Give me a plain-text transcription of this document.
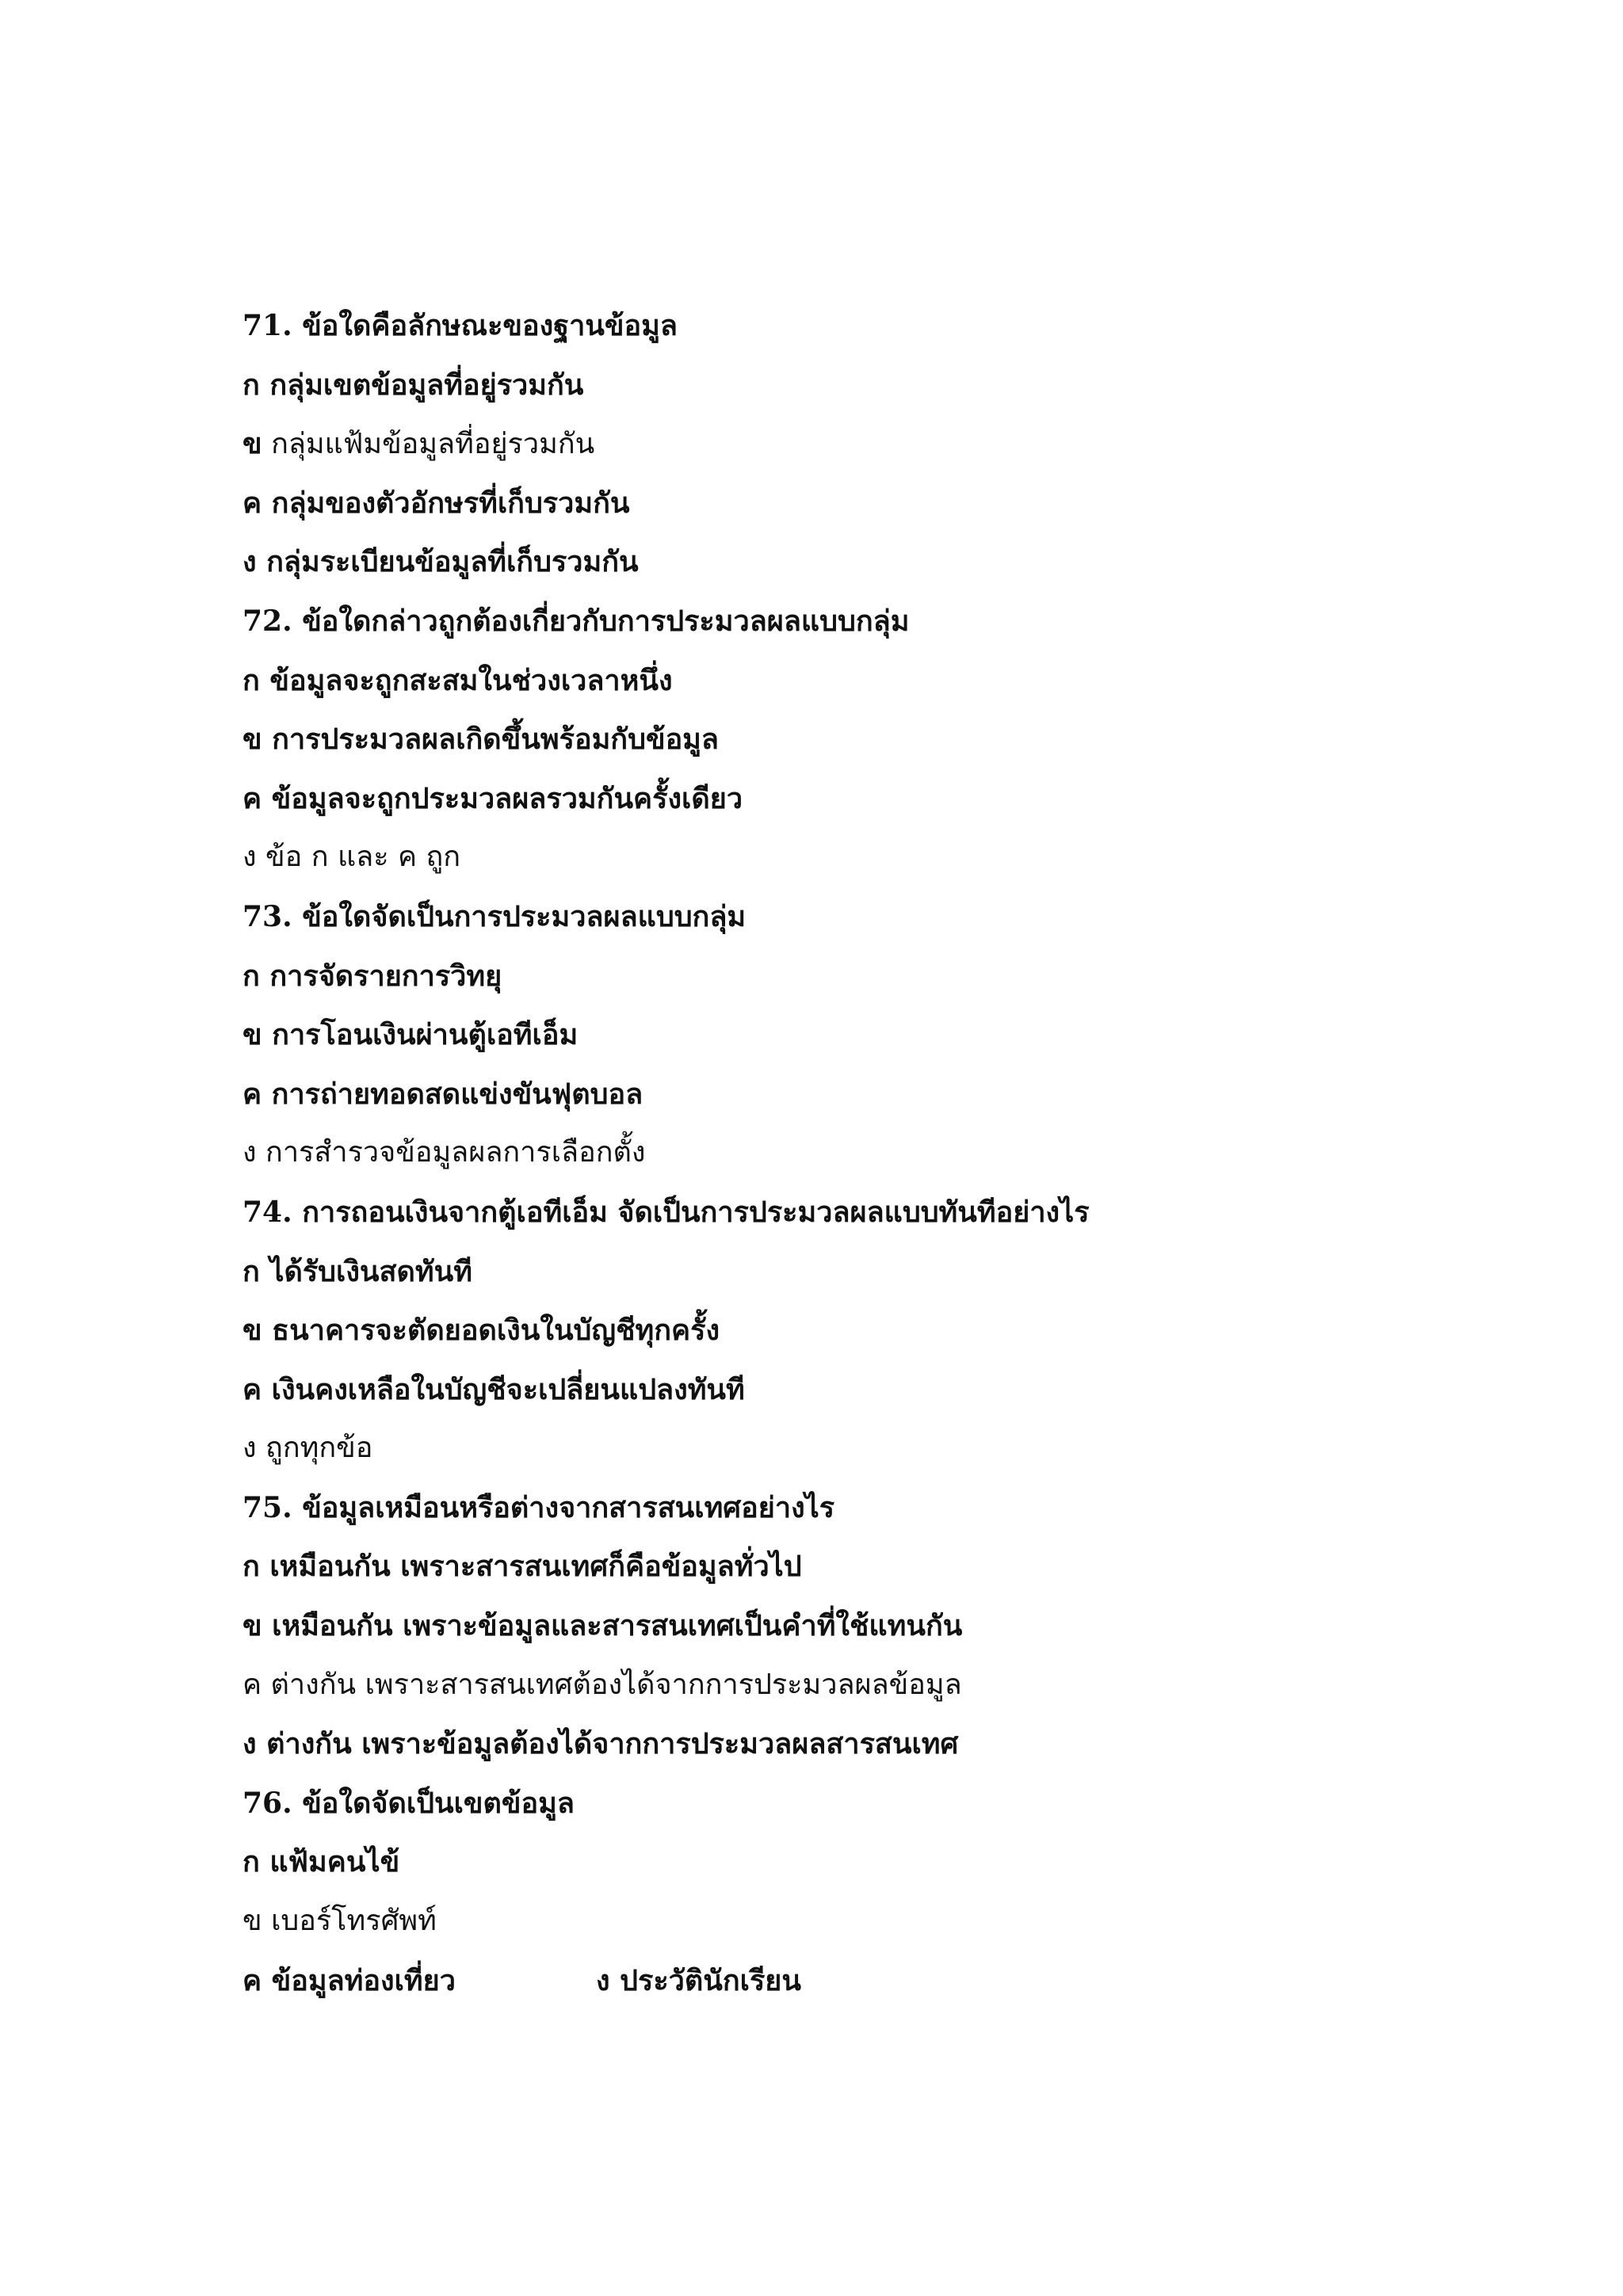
71. ข้อใดคือลักษณะของฐานข้อมูล
ก กลุ่มเขตข้อมูลที่อยู่รวมกัน
ข กลุ่มแฟ้มข้อมูลที่อยู่รวมกัน
ค กลุ่มของตัวอักษรที่เก็บรวมกัน
ง กลุ่มระเบียนข้อมูลที่เก็บรวมกัน
72. ข้อใดกล่าวถูกต้องเกี่ยวกับการประมวลผลแบบกลุ่ม
ก ข้อมูลจะถูกสะสมในช่วงเวลาหนึ่ง
ข การประมวลผลเกิดขึ้นพร้อมกับข้อมูล
ค ข้อมูลจะถูกประมวลผลรวมกันครั้งเดียว
ง ข้อ ก และ ค ถูก
73. ข้อใดจัดเป็นการประมวลผลแบบกลุ่ม
ก การจัดรายการวิทยุ
ข การโอนเงินผ่านตู้เอทีเอ็ม
ค การถ่ายทอดสดแข่งขันฟุตบอล
ง การสำรวจข้อมูลผลการเลือกตั้ง
74. การถอนเงินจากตู้เอทีเอ็ม จัดเป็นการประมวลผลแบบทันทีอย่างไร
ก ได้รับเงินสดทันที
ข ธนาคารจะตัดยอดเงินในบัญชีทุกครั้ง
ค เงินคงเหลือในบัญชีจะเปลี่ยนแปลงทันที
ง ถูกทุกข้อ
75. ข้อมูลเหมือนหรือต่างจากสารสนเทศอย่างไร
ก เหมือนกัน เพราะสารสนเทศก็คือข้อมูลทั่วไป
ข เหมือนกัน เพราะข้อมูลและสารสนเทศเป็นคำที่ใช้แทนกัน
ค ต่างกัน เพราะสารสนเทศต้องได้จากการประมวลผลข้อมูล
ง ต่างกัน เพราะข้อมูลต้องได้จากการประมวลผลสารสนเทศ
76. ข้อใดจัดเป็นเขตข้อมูล
ก แฟ้มคนไข้
ข เบอร์โทรศัพท์
ค ข้อมูลท่องเที่ยว	ง ประวัตินักเรียน
